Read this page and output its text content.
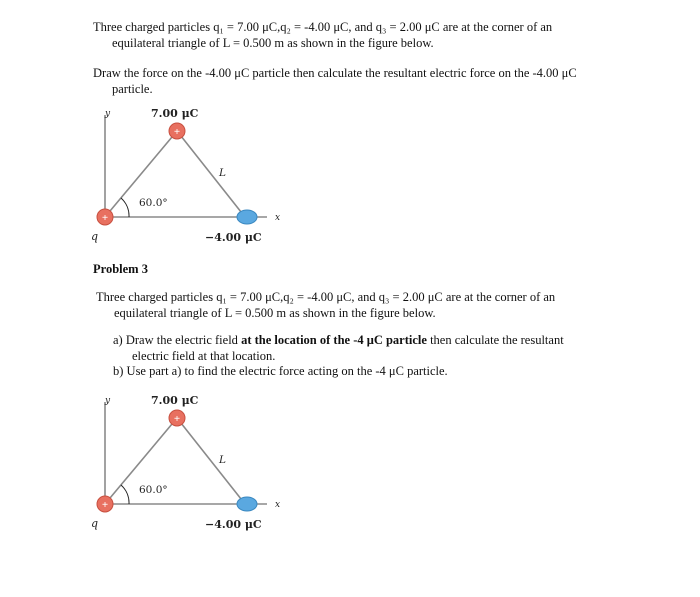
Three charged particles q₁ = 7.00 μC,q₂ = -4.00 μC, and q₃ = 2.00 μC are at the corner of an
equilateral triangle of L = 0.500 m as shown in the figure below.
Draw the force on the -4.00 μC particle then calculate the resultant electric force on the -4.00 μC
particle.
+
+
y
x
7.00 μC
L
60.0°
q	−4.00 μC
Problem 3
Three charged particles q₁ = 7.00 μC,q₂ = -4.00 μC, and q₃ = 2.00 μC are at the corner of an
equilateral triangle of L = 0.500 m as shown in the figure below.
a) Draw the electric field at the location of the -4 μC particle then calculate the resultant
electric field at that location.
b) Use part a) to find the electric force acting on the -4 μC particle.
+
+
y
x
7.00 μC
L
60.0°
q	−4.00 μC
